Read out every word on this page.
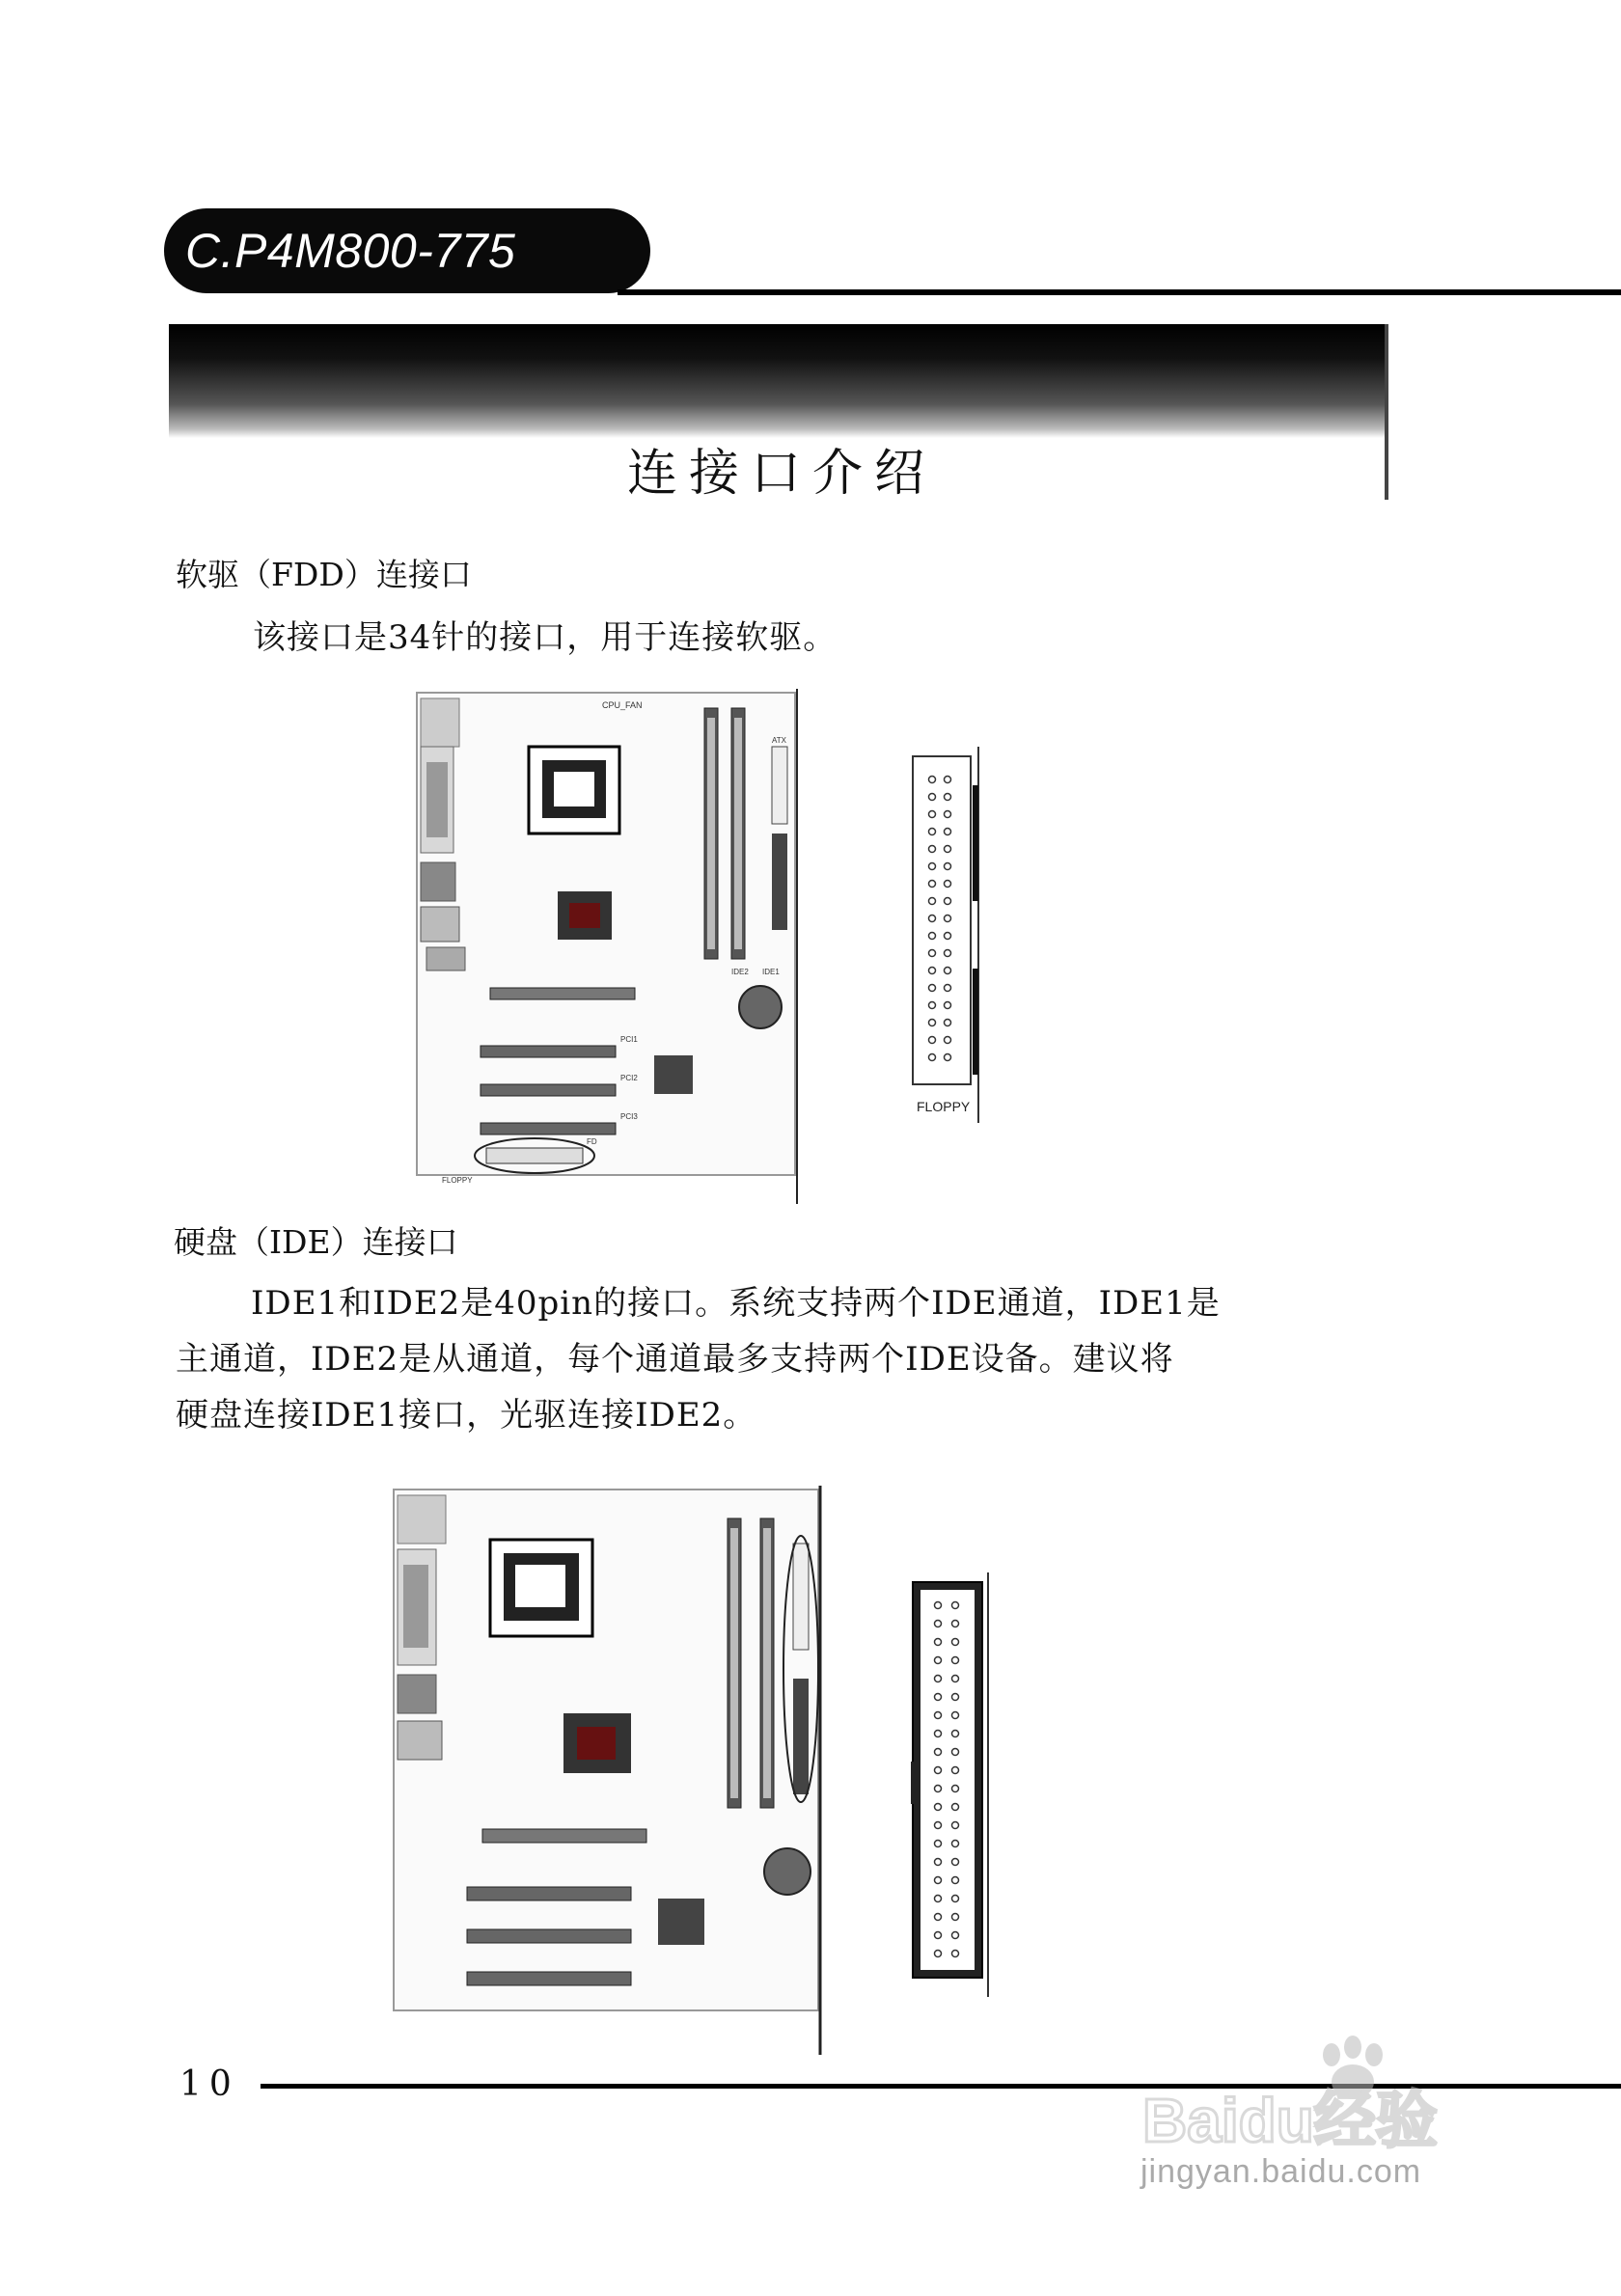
C.P4M800-775
连接口介绍
软驱（FDD）连接口
该接口是34针的接口，用于连接软驱。
CPU_FAN
ATX
FLOPPY
IDE1
IDE2
FD
PCI1
PCI2
PCI3
FLOPPY
硬盘（IDE）连接口
IDE1和IDE2是40pin的接口。系统支持两个IDE通道，IDE1是
主通道，IDE2是从通道，每个通道最多支持两个IDE设备。建议将
硬盘连接IDE1接口，光驱连接IDE2。
10
Baidu经验
jingyan.baidu.com
